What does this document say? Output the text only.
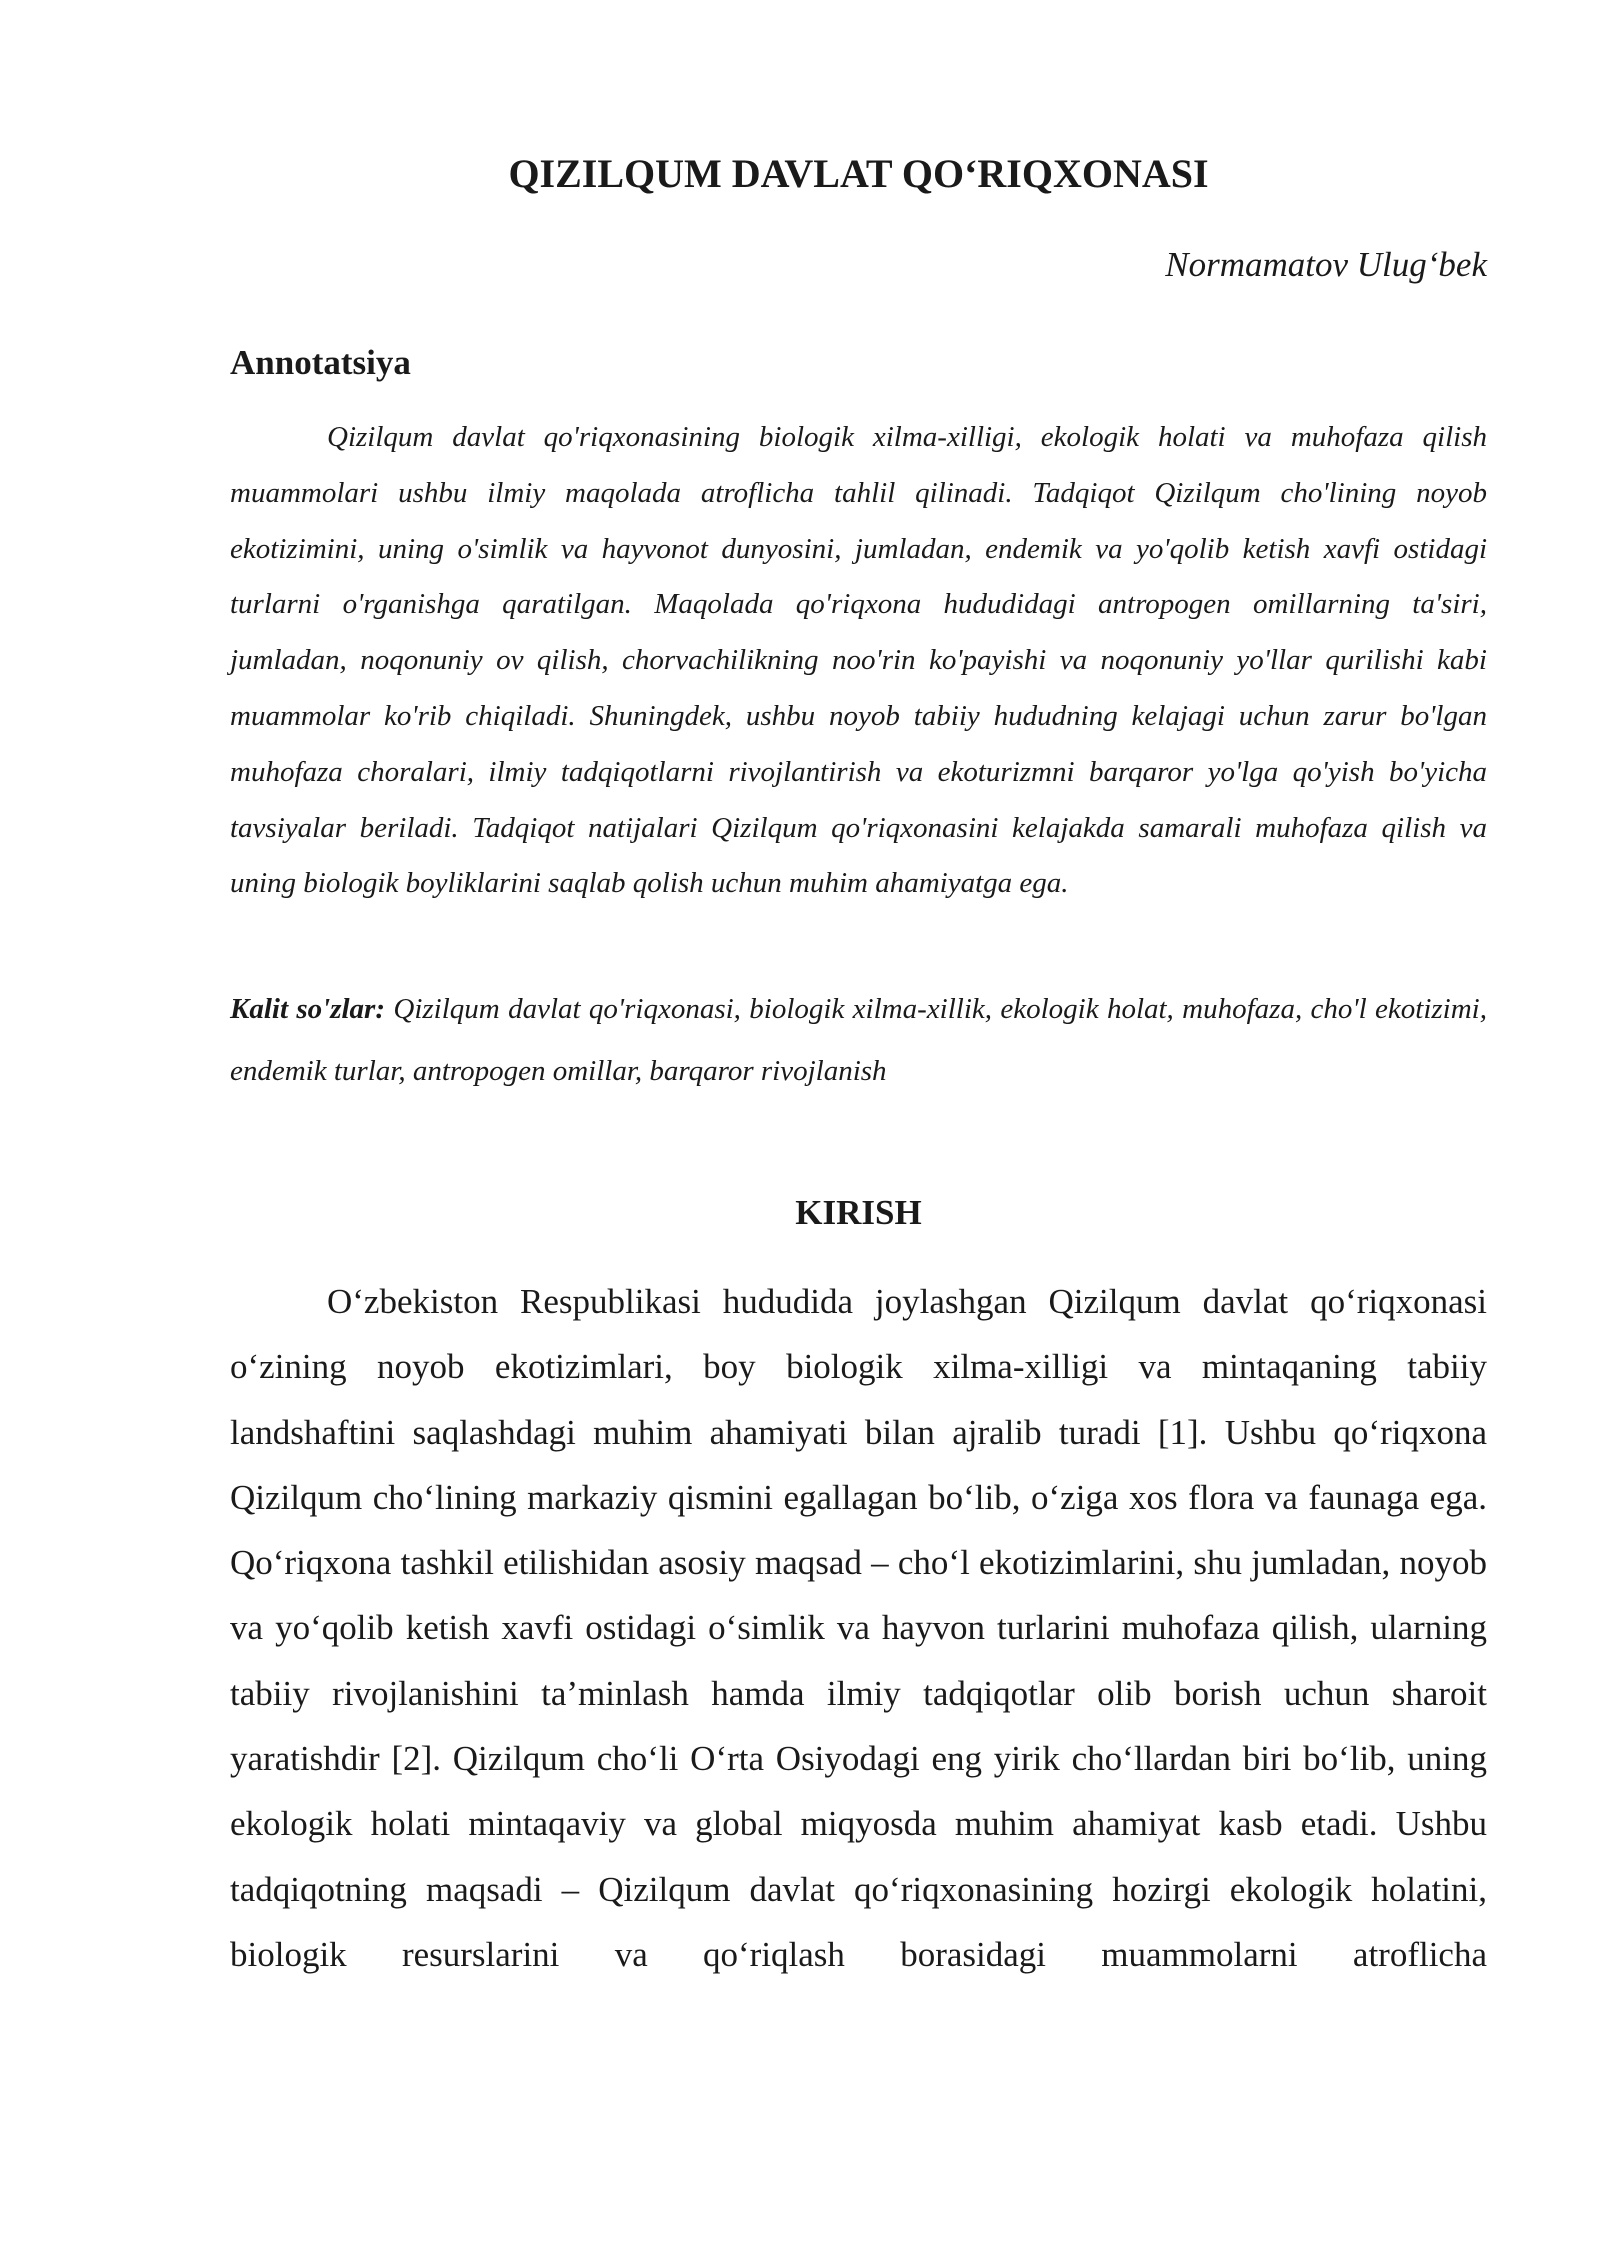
QIZILQUM DAVLAT QO‘RIQXONASI

Normamatov Ulug‘bek

Annotatsiya

Qizilqum davlat qo'riqxonasining biologik xilma-xilligi, ekologik holati va muhofaza qilish muammolari ushbu ilmiy maqolada atroflicha tahlil qilinadi. Tadqiqot Qizilqum cho'lining noyob ekotizimini, uning o'simlik va hayvonot dunyosini, jumladan, endemik va yo'qolib ketish xavfi ostidagi turlarni o'rganishga qaratilgan. Maqolada qo'riqxona hududidagi antropogen omillarning ta'siri, jumladan, noqonuniy ov qilish, chorvachilikning noo'rin ko'payishi va noqonuniy yo'llar qurilishi kabi muammolar ko'rib chiqiladi. Shuningdek, ushbu noyob tabiiy hududning kelajagi uchun zarur bo'lgan muhofaza choralari, ilmiy tadqiqotlarni rivojlantirish va ekoturizmni barqaror yo'lga qo'yish bo'yicha tavsiyalar beriladi. Tadqiqot natijalari Qizilqum qo'riqxonasini kelajakda samarali muhofaza qilish va uning biologik boyliklarini saqlab qolish uchun muhim ahamiyatga ega.

Kalit so'zlar: Qizilqum davlat qo'riqxonasi, biologik xilma-xillik, ekologik holat, muhofaza, cho'l ekotizimi, endemik turlar, antropogen omillar, barqaror rivojlanish

KIRISH

O‘zbekiston Respublikasi hududida joylashgan Qizilqum davlat qo‘riqxonasi o‘zining noyob ekotizimlari, boy biologik xilma-xilligi va mintaqaning tabiiy landshaftini saqlashdagi muhim ahamiyati bilan ajralib turadi [1]. Ushbu qo‘riqxona Qizilqum cho‘lining markaziy qismini egallagan bo‘lib, o‘ziga xos flora va faunaga ega. Qo‘riqxona tashkil etilishidan asosiy maqsad – cho‘l ekotizimlarini, shu jumladan, noyob va yo‘qolib ketish xavfi ostidagi o‘simlik va hayvon turlarini muhofaza qilish, ularning tabiiy rivojlanishini ta’minlash hamda ilmiy tadqiqotlar olib borish uchun sharoit yaratishdir [2]. Qizilqum cho‘li O‘rta Osiyodagi eng yirik cho‘llardan biri bo‘lib, uning ekologik holati mintaqaviy va global miqyosda muhim ahamiyat kasb etadi. Ushbu tadqiqotning maqsadi – Qizilqum davlat qo‘riqxonasining hozirgi ekologik holatini, biologik resurslarini va qo‘riqlash borasidagi muammolarni atroflicha
